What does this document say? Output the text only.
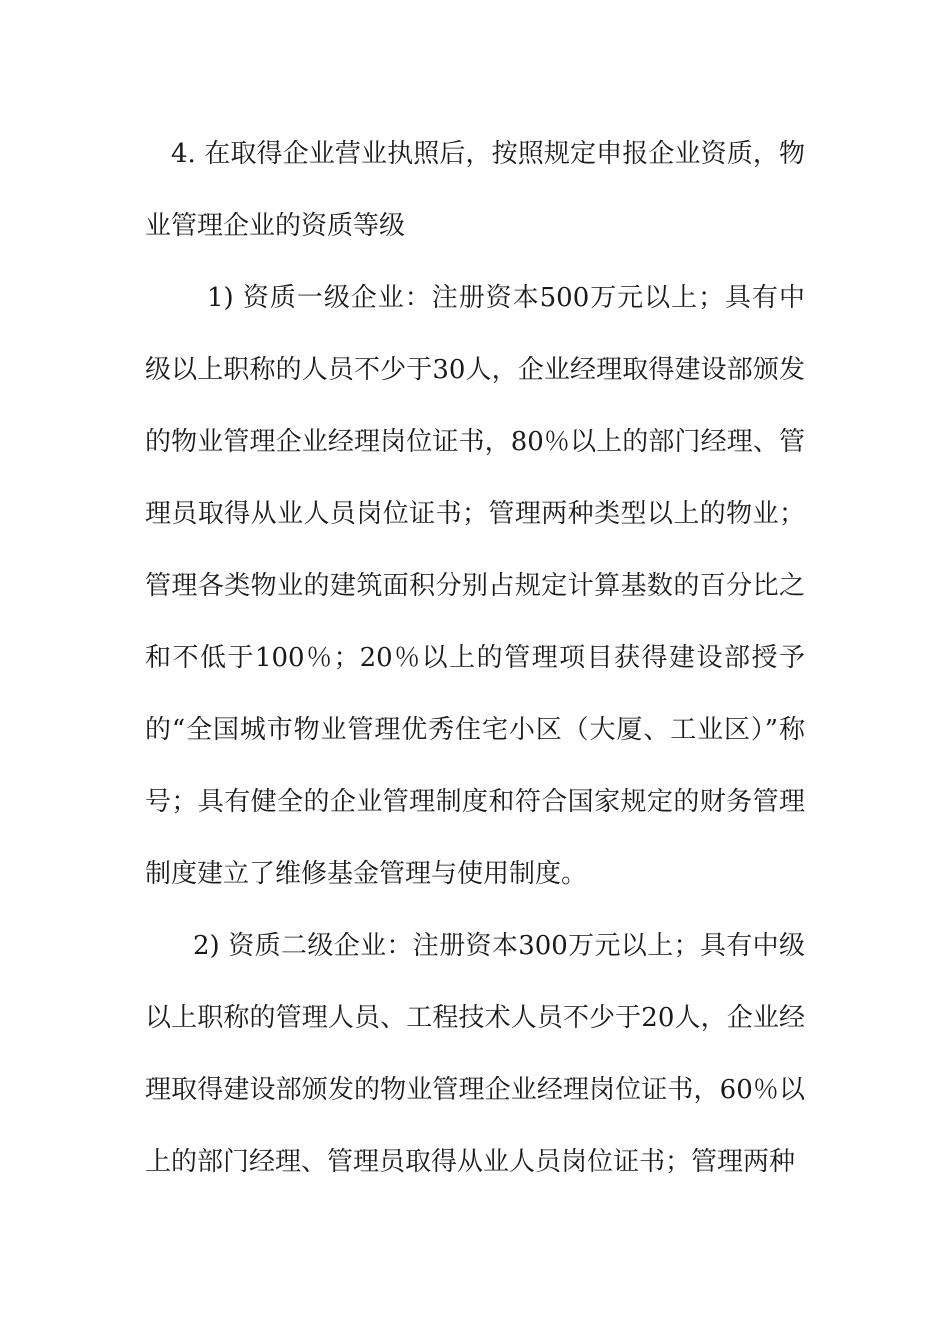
4. 在取得企业营业执照后，按照规定申报企业资质，物业管理企业的资质等级

1) 资质一级企业：注册资本500万元以上；具有中级以上职称的人员不少于30人，企业经理取得建设部颁发的物业管理企业经理岗位证书，80％以上的部门经理、管理员取得从业人员岗位证书；管理两种类型以上的物业；管理各类物业的建筑面积分别占规定计算基数的百分比之和不低于100％；20％以上的管理项目获得建设部授予的“全国城市物业管理优秀住宅小区（大厦、工业区）”称号；具有健全的企业管理制度和符合国家规定的财务管理制度建立了维修基金管理与使用制度。

2) 资质二级企业：注册资本300万元以上；具有中级以上职称的管理人员、工程技术人员不少于20人，企业经理取得建设部颁发的物业管理企业经理岗位证书，60％以上的部门经理、管理员取得从业人员岗位证书；管理两种
